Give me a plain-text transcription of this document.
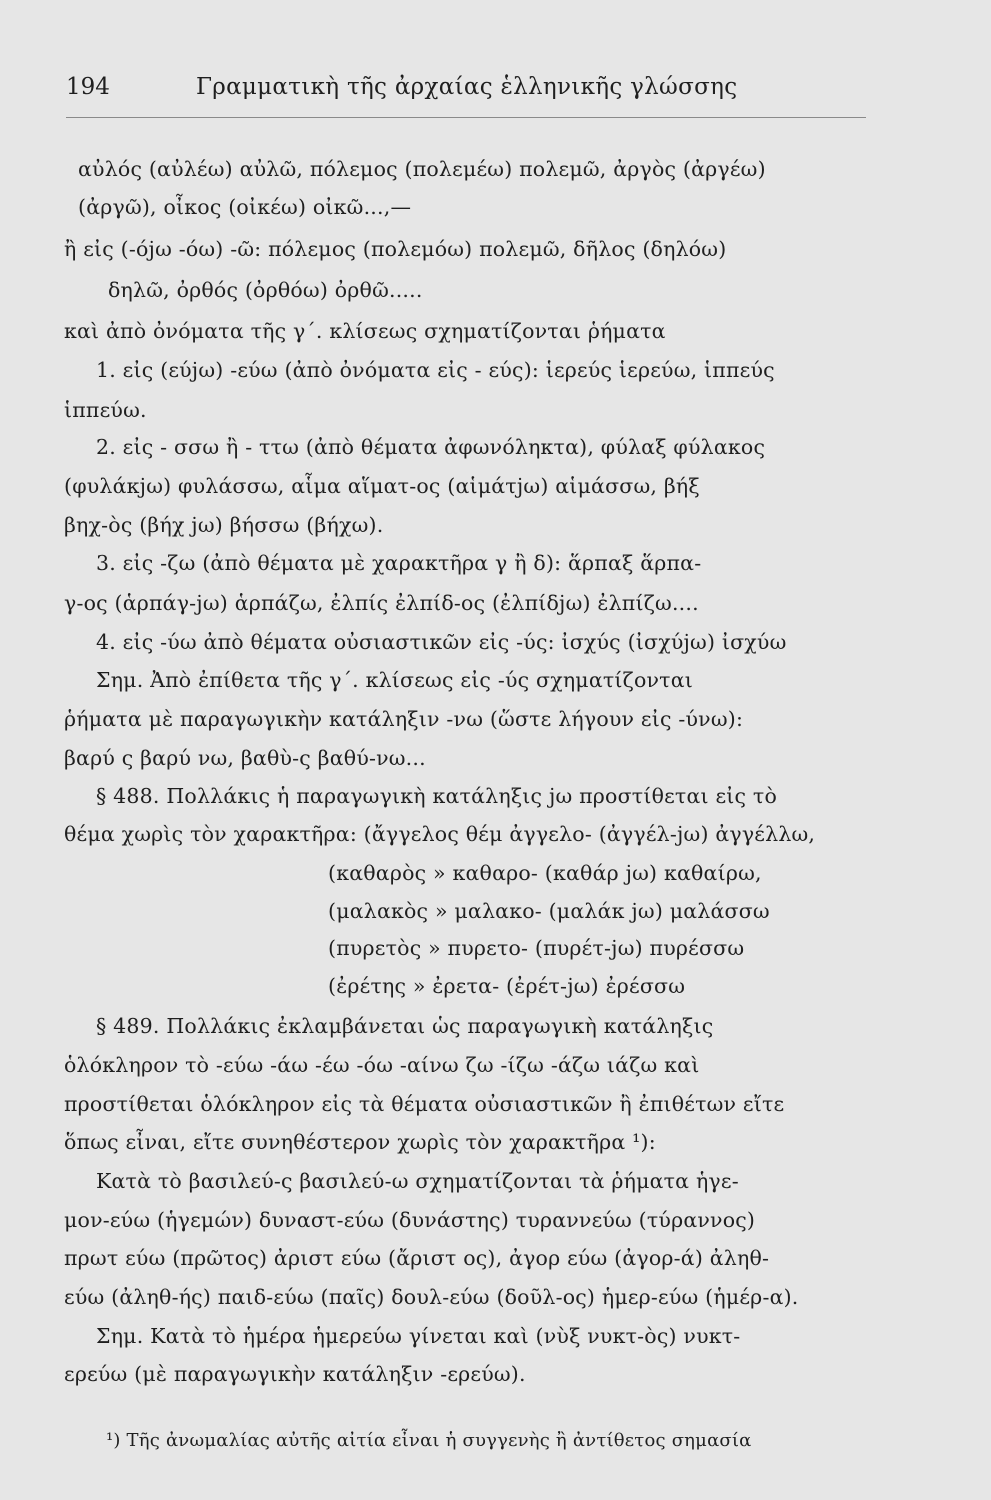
194	Γραμματικὴ τῆς ἀρχαίας ἑλληνικῆς γλώσσης
αὐλός (αὐλέω) αὐλῶ, πόλεμος (πολεμέω) πολεμῶ, ἀργὸς (ἀργέω)
(ἀργῶ), οἶκος (οἰκέω) οἰκῶ...,—
ἢ εἰς (-όjω -όω) -ῶ: πόλεμος (πολεμόω) πολεμῶ, δῆλος (δηλόω)
δηλῶ, ὀρθός (ὀρθόω) ὀρθῶ.....
καὶ ἀπὸ ὀνόματα τῆς γ΄. κλίσεως σχηματίζονται ῥήματα
1. εἰς (εύjω) -εύω (ἀπὸ ὀνόματα εἰς - εύς): ἱερεύς ἱερεύω, ἱππεύς
ἱππεύω.
2. εἰς - σσω ἢ - ττω (ἀπὸ θέματα ἀφωνόληκτα), φύλαξ φύλακος
(φυλάκjω) φυλάσσω, αἷμα αἵματ-ος (αἱμάτjω) αἱμάσσω, βήξ
βηχ-ὸς (βήχ jω) βήσσω (βήχω).
3. εἰς -ζω (ἀπὸ θέματα μὲ χαρακτῆρα γ ἢ δ): ἅρπαξ ἅρπα-
γ-ος (ἁρπάγ-jω) ἁρπάζω, ἐλπίς ἐλπίδ-ος (ἐλπίδjω) ἐλπίζω....
4. εἰς -ύω ἀπὸ θέματα οὐσιαστικῶν εἰς -ύς: ἰσχύς (ἰσχύjω) ἰσχύω
Σημ. Ἀπὸ ἐπίθετα τῆς γ΄. κλίσεως εἰς -ύς σχηματίζονται
ῥήματα μὲ παραγωγικὴν κατάληξιν -νω (ὥστε λήγουν εἰς -ύνω):
βαρύ ς βαρύ νω, βαθὺ-ς βαθύ-νω...
§ 488. Πολλάκις ἡ παραγωγικὴ κατάληξις jω προστίθεται εἰς τὸ
θέμα χωρὶς τὸν χαρακτῆρα: (ἄγγελος θέμ ἀγγελο- (ἀγγέλ-jω) ἀγγέλλω,
(καθαρὸς » καθαρο- (καθάρ jω) καθαίρω,
(μαλακὸς » μαλακο- (μαλάκ jω) μαλάσσω
(πυρετὸς » πυρετο- (πυρέτ-jω) πυρέσσω
(ἐρέτης » ἐρετα- (ἐρέτ-jω) ἐρέσσω
§ 489. Πολλάκις ἐκλαμβάνεται ὡς παραγωγικὴ κατάληξις
ὁλόκληρον τὸ -εύω -άω -έω -όω -αίνω ζω -ίζω -άζω ιάζω καὶ
προστίθεται ὁλόκληρον εἰς τὰ θέματα οὐσιαστικῶν ἢ ἐπιθέτων εἴτε
ὅπως εἶναι, εἴτε συνηθέστερον χωρὶς τὸν χαρακτῆρα ¹):
Κατὰ τὸ βασιλεύ-ς βασιλεύ-ω σχηματίζονται τὰ ῥήματα ἡγε-
μον-εύω (ἡγεμών) δυναστ-εύω (δυνάστης) τυραννεύω (τύραννος)
πρωτ εύω (πρῶτος) ἀριστ εύω (ἄριστ ος), ἀγορ εύω (ἀγορ-ά) ἀληθ-
εύω (ἀληθ-ής) παιδ-εύω (παῖς) δουλ-εύω (δοῦλ-ος) ἡμερ-εύω (ἡμέρ-α).
Σημ. Κατὰ τὸ ἡμέρα ἡμερεύω γίνεται καὶ (νὺξ νυκτ-ὸς) νυκτ-
ερεύω (μὲ παραγωγικὴν κατάληξιν -ερεύω).
¹) Τῆς ἀνωμαλίας αὐτῆς αἰτία εἶναι ἡ συγγενὴς ἢ ἀντίθετος σημασία
